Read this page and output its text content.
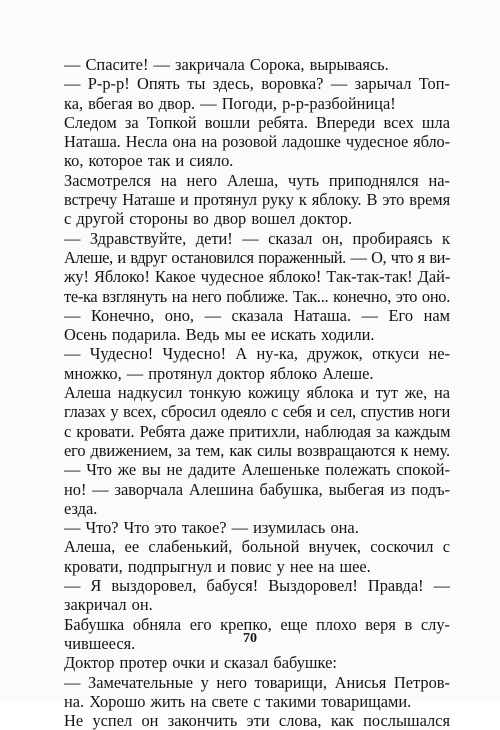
— Спасите! — закричала Сорока, вырываясь.
— Р-р-р! Опять ты здесь, воровка? — зарычал Топ-
ка, вбегая во двор. — Погоди, р-р-разбойница!
Следом за Топкой вошли ребята. Впереди всех шла
Наташа. Несла она на розовой ладошке чудесное ябло-
ко, которое так и сияло.
Засмотрелся на него Алеша, чуть приподнялся на-
встречу Наташе и протянул руку к яблоку. В это время
с другой стороны во двор вошел доктор.
— Здравствуйте, дети! — сказал он, пробираясь к
Алеше, и вдруг остановился пораженный. — О, что я ви-
жу! Яблоко! Какое чудесное яблоко! Так-так-так! Дай-
те-ка взглянуть на него поближе. Так... конечно, это оно.
— Конечно, оно, — сказала Наташа. — Его нам
Осень подарила. Ведь мы ее искать ходили.
— Чудесно! Чудесно! А ну-ка, дружок, откуси не-
множко, — протянул доктор яблоко Алеше.
Алеша надкусил тонкую кожицу яблока и тут же, на
глазах у всех, сбросил одеяло с себя и сел, спустив ноги
с кровати. Ребята даже притихли, наблюдая за каждым
его движением, за тем, как силы возвращаются к нему.
— Что же вы не дадите Алешеньке полежать спокой-
но! — заворчала Алешина бабушка, выбегая из подъ-
езда.
— Что? Что это такое? — изумилась она.
Алеша, ее слабенький, больной внучек, соскочил с
кровати, подпрыгнул и повис у нее на шее.
— Я выздоровел, бабуся! Выздоровел! Правда! —
закричал он.
Бабушка обняла его крепко, еще плохо веря в слу-
чившееся.
Доктор протер очки и сказал бабушке:
— Замечательные у него товарищи, Анисья Петров-
на. Хорошо жить на свете с такими товарищами.
Не успел он закончить эти слова, как послышался
70
